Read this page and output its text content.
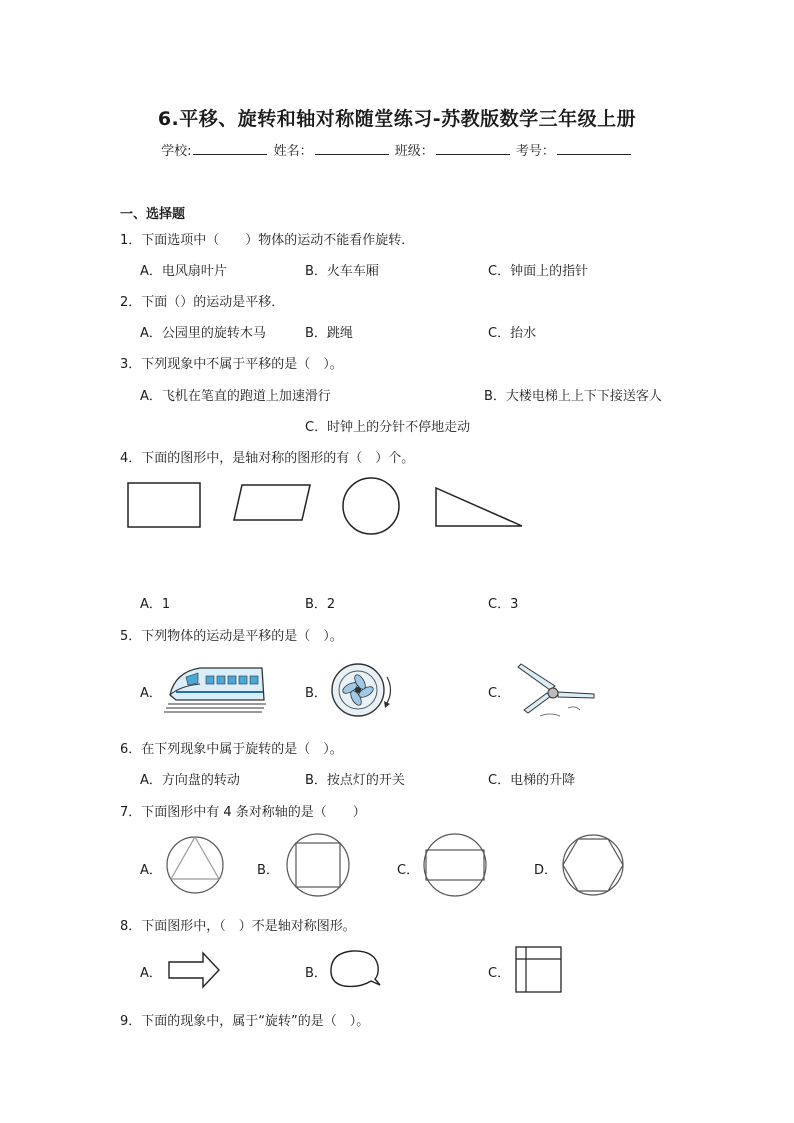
6.平移、旋转和轴对称随堂练习-苏教版数学三年级上册
学校:	姓名：	班级：	考号：
一、选择题
1．下面选项中（　　）物体的运动不能看作旋转．
A．电风扇叶片	B．火车车厢	C．钟面上的指针
2．下面（）的运动是平移．
A．公园里的旋转木马	B．跳绳	C．抬水
3．下列现象中不属于平移的是（　）。
A．飞机在笔直的跑道上加速滑行	B．大楼电梯上上下下接送客人
C．时钟上的分针不停地走动
4．下面的图形中，是轴对称的图形的有（　）个。
A．1	B．2	C．3
5．下列物体的运动是平移的是（　）。
A．	B．	C．
6．在下列现象中属于旋转的是（　）。
A．方向盘的转动	B．按点灯的开关	C．电梯的升降
7．下面图形中有 4 条对称轴的是（　　）
A．	B．	C．	D．
8．下面图形中，（　）不是轴对称图形。
A．	B．	C．
9．下面的现象中，属于“旋转”的是（　）。
